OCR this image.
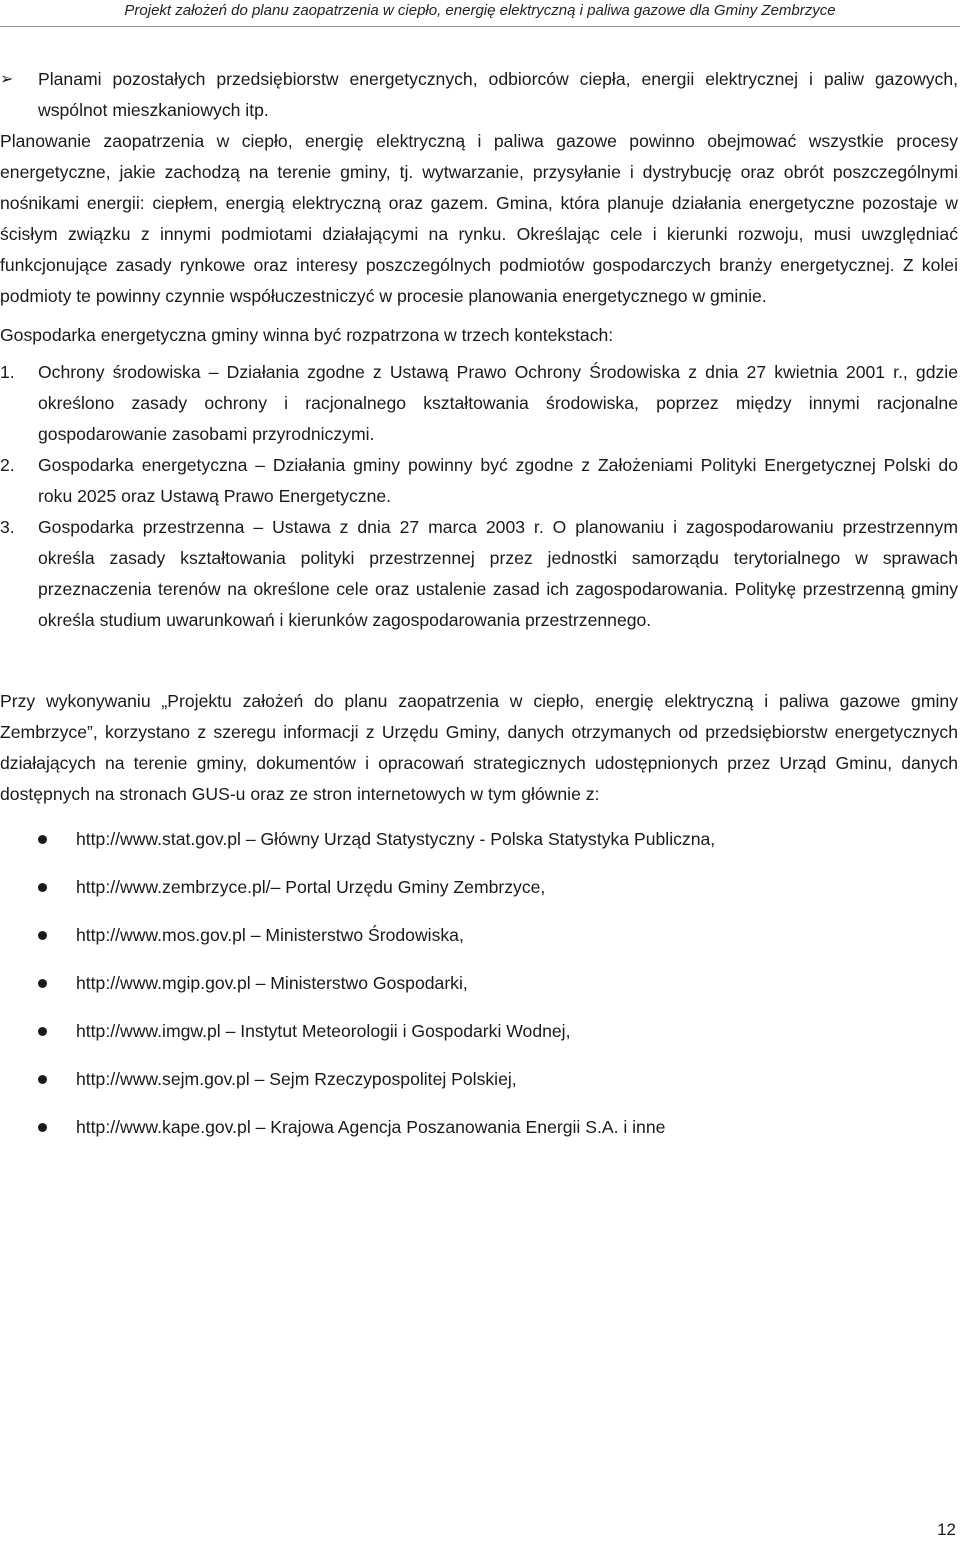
Projekt założeń do planu zaopatrzenia w ciepło, energię elektryczną i paliwa gazowe dla Gminy Zembrzyce
➢ Planami pozostałych przedsiębiorstw energetycznych, odbiorców ciepła, energii elektrycznej i paliw gazowych, wspólnot mieszkaniowych itp.

Planowanie zaopatrzenia w ciepło, energię elektryczną i paliwa gazowe powinno obejmować wszystkie procesy energetyczne, jakie zachodzą na terenie gminy, tj. wytwarzanie, przysyłanie i dystrybucję oraz obrót poszczególnymi nośnikami energii: ciepłem, energią elektryczną oraz gazem. Gmina, która planuje działania energetyczne pozostaje w ścisłym związku z innymi podmiotami działającymi na rynku. Określając cele i kierunki rozwoju, musi uwzględniać funkcjonujące zasady rynkowe oraz interesy poszczególnych podmiotów gospodarczych branży energetycznej. Z kolei podmioty te powinny czynnie współuczestniczyć w procesie planowania energetycznego w gminie.

Gospodarka energetyczna gminy winna być rozpatrzona w trzech kontekstach:

1. Ochrony środowiska – Działania zgodne z Ustawą Prawo Ochrony Środowiska z dnia 27 kwietnia 2001 r., gdzie określono zasady ochrony i racjonalnego kształtowania środowiska, poprzez między innymi racjonalne gospodarowanie zasobami przyrodniczymi.
2. Gospodarka energetyczna – Działania gminy powinny być zgodne z Założeniami Polityki Energetycznej Polski do roku 2025 oraz Ustawą Prawo Energetyczne.
3. Gospodarka przestrzenna – Ustawa z dnia 27 marca 2003 r. O planowaniu i zagospodarowaniu przestrzennym określa zasady kształtowania polityki przestrzennej przez jednostki samorządu terytorialnego w sprawach przeznaczenia terenów na określone cele oraz ustalenie zasad ich zagospodarowania. Politykę przestrzenną gminy określa studium uwarunkowań i kierunków zagospodarowania przestrzennego.

Przy wykonywaniu „Projektu założeń do planu zaopatrzenia w ciepło, energię elektryczną i paliwa gazowe gminy Zembrzyce”, korzystano z szeregu informacji z Urzędu Gminy, danych otrzymanych od przedsiębiorstw energetycznych działających na terenie gminy, dokumentów i opracowań strategicznych udostępnionych przez Urząd Gminu, danych dostępnych na stronach GUS-u oraz ze stron internetowych w tym głównie z:

http://www.stat.gov.pl – Główny Urząd Statystyczny - Polska Statystyka Publiczna,
http://www.zembrzyce.pl/– Portal Urzędu Gminy Zembrzyce,
http://www.mos.gov.pl – Ministerstwo Środowiska,
http://www.mgip.gov.pl – Ministerstwo Gospodarki,
http://www.imgw.pl – Instytut Meteorologii i Gospodarki Wodnej,
http://www.sejm.gov.pl – Sejm Rzeczypospolitej Polskiej,
http://www.kape.gov.pl – Krajowa Agencja Poszanowania Energii S.A. i inne
12
